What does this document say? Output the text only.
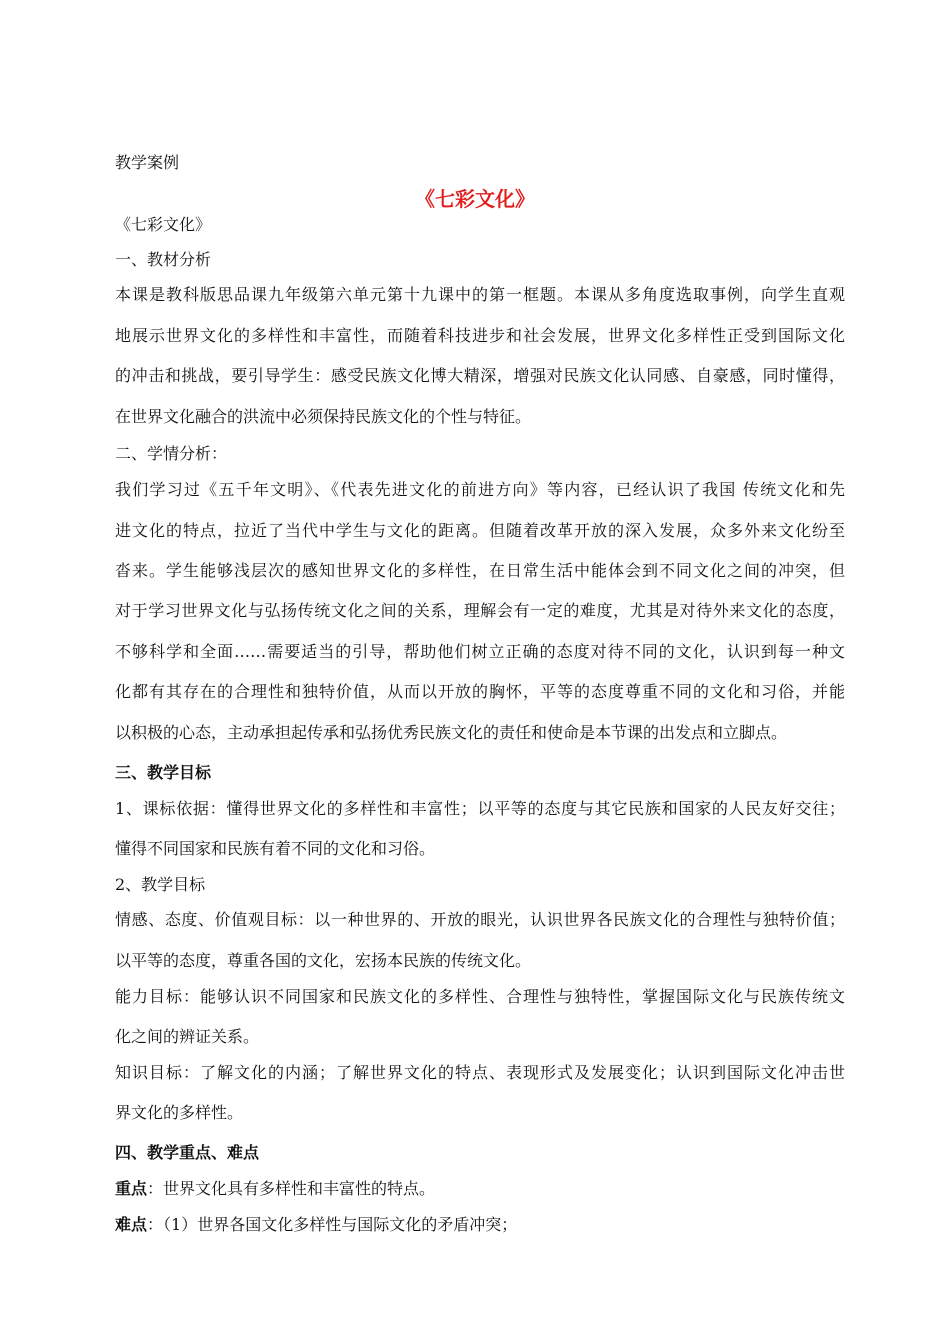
教学案例
《七彩文化》
《七彩文化》
一、教材分析
本课是教科版思品课九年级第六单元第十九课中的第一框题。本课从多角度选取事例，向学生直观
地展示世界文化的多样性和丰富性，而随着科技进步和社会发展，世界文化多样性正受到国际文化
的冲击和挑战，要引导学生：感受民族文化博大精深，增强对民族文化认同感、自豪感，同时懂得，
在世界文化融合的洪流中必须保持民族文化的个性与特征。
二、学情分析：
我们学习过《五千年文明》、《代表先进文化的前进方向》等内容，已经认识了我国 传统文化和先
进文化的特点，拉近了当代中学生与文化的距离。但随着改革开放的深入发展，众多外来文化纷至
沓来。学生能够浅层次的感知世界文化的多样性，在日常生活中能体会到不同文化之间的冲突，但
对于学习世界文化与弘扬传统文化之间的关系，理解会有一定的难度，尤其是对待外来文化的态度，
不够科学和全面……需要适当的引导，帮助他们树立正确的态度对待不同的文化，认识到每一种文
化都有其存在的合理性和独特价值，从而以开放的胸怀，平等的态度尊重不同的文化和习俗，并能
以积极的心态，主动承担起传承和弘扬优秀民族文化的责任和使命是本节课的出发点和立脚点。
三、教学目标
1、课标依据：懂得世界文化的多样性和丰富性；以平等的态度与其它民族和国家的人民友好交往；
懂得不同国家和民族有着不同的文化和习俗。
2、教学目标
情感、态度、价值观目标：以一种世界的、开放的眼光，认识世界各民族文化的合理性与独特价值；
以平等的态度，尊重各国的文化，宏扬本民族的传统文化。
能力目标：能够认识不同国家和民族文化的多样性、合理性与独特性，掌握国际文化与民族传统文
化之间的辨证关系。
知识目标：了解文化的内涵；了解世界文化的特点、表现形式及发展变化；认识到国际文化冲击世
界文化的多样性。
四、教学重点、难点
重点：世界文化具有多样性和丰富性的特点。
难点：（1）世界各国文化多样性与国际文化的矛盾冲突；
